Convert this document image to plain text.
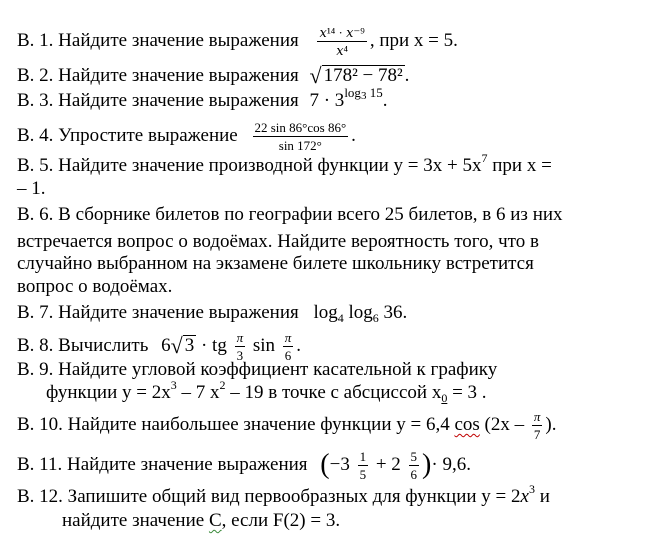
В. 1. Найдите значение выражения $\frac{\text{𝑥¹⁴ · 𝑥⁻⁹}}{\text{𝑥⁴}}$ , при x = 5.
В. 2. Найдите значение выражения √ 178² − 78² .
В. 3. Найдите значение выражения $7 \cdot 3^{log3 15}$.
В. 4. Упростите выражение $\frac{22 \sin 86^\circ\cos 86^\circ}{\sin 172^\circ}$ .
В. 5. Найдите значение производной функции $y = 3x + 5x^7$ при x =
– 1.
В. 6. В сборнике билетов по географии всего 25 билетов, в 6 из них
встречается вопрос о водоёмах. Найдите вероятность того, что в
случайно выбранном на экзамене билете школьнику встретится
вопрос о водоёмах.
В. 7. Найдите значение выражения $\log_4 \log_6 36$.
В. 8. Вычислить 6√ 3 · tg $\frac{\pi}{3}$ $\sin \frac{\pi}{6}$ .
В. 9. Найдите угловой коэффициент касательной к графику
функции $y = 2x^3 - 7$ $x^2 - 19$ в точке с абсциссой $x_0 = 3$ .
В. 10. Найдите наибольшее значение функции y = 6,4 $\cos (2x - \frac{\pi}{7}$ ).
В. 11. Найдите значение выражения ($-3 \frac{1}{5} + 2 \frac{5}{6}$ )· 9,6.
В. 12. Запишите общий вид первообразных для функции $y = 2x^3$ и
найдите значение С, если F(2) = 3.
